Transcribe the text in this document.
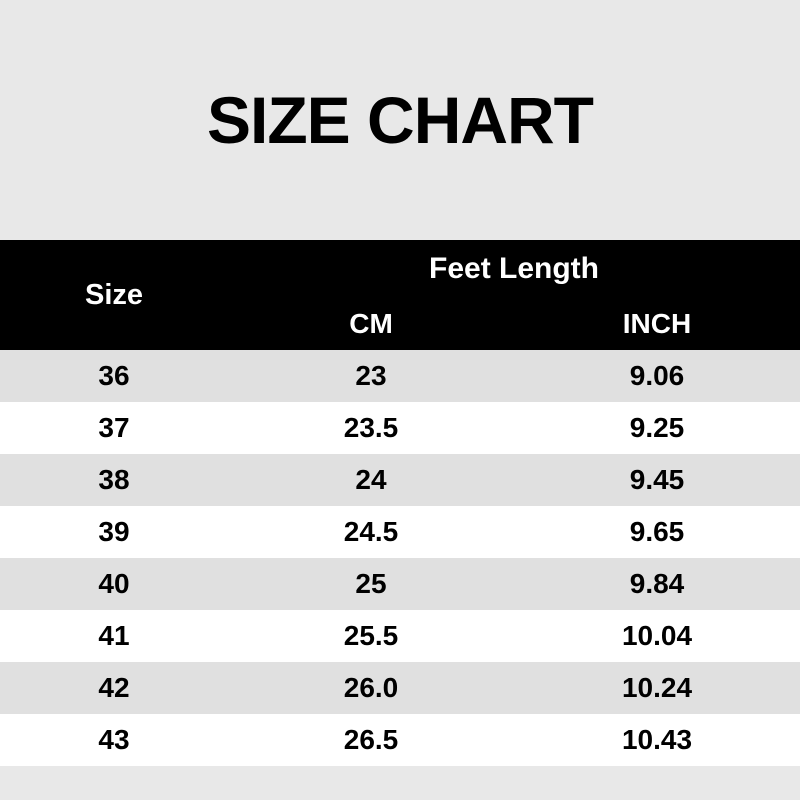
SIZE CHART
Size	Feet Length	
	CM	INCH
36	23	9.06
37	23.5	9.25
38	24	9.45
39	24.5	9.65
40	25	9.84
41	25.5	10.04
42	26.0	10.24
43	26.5	10.43
